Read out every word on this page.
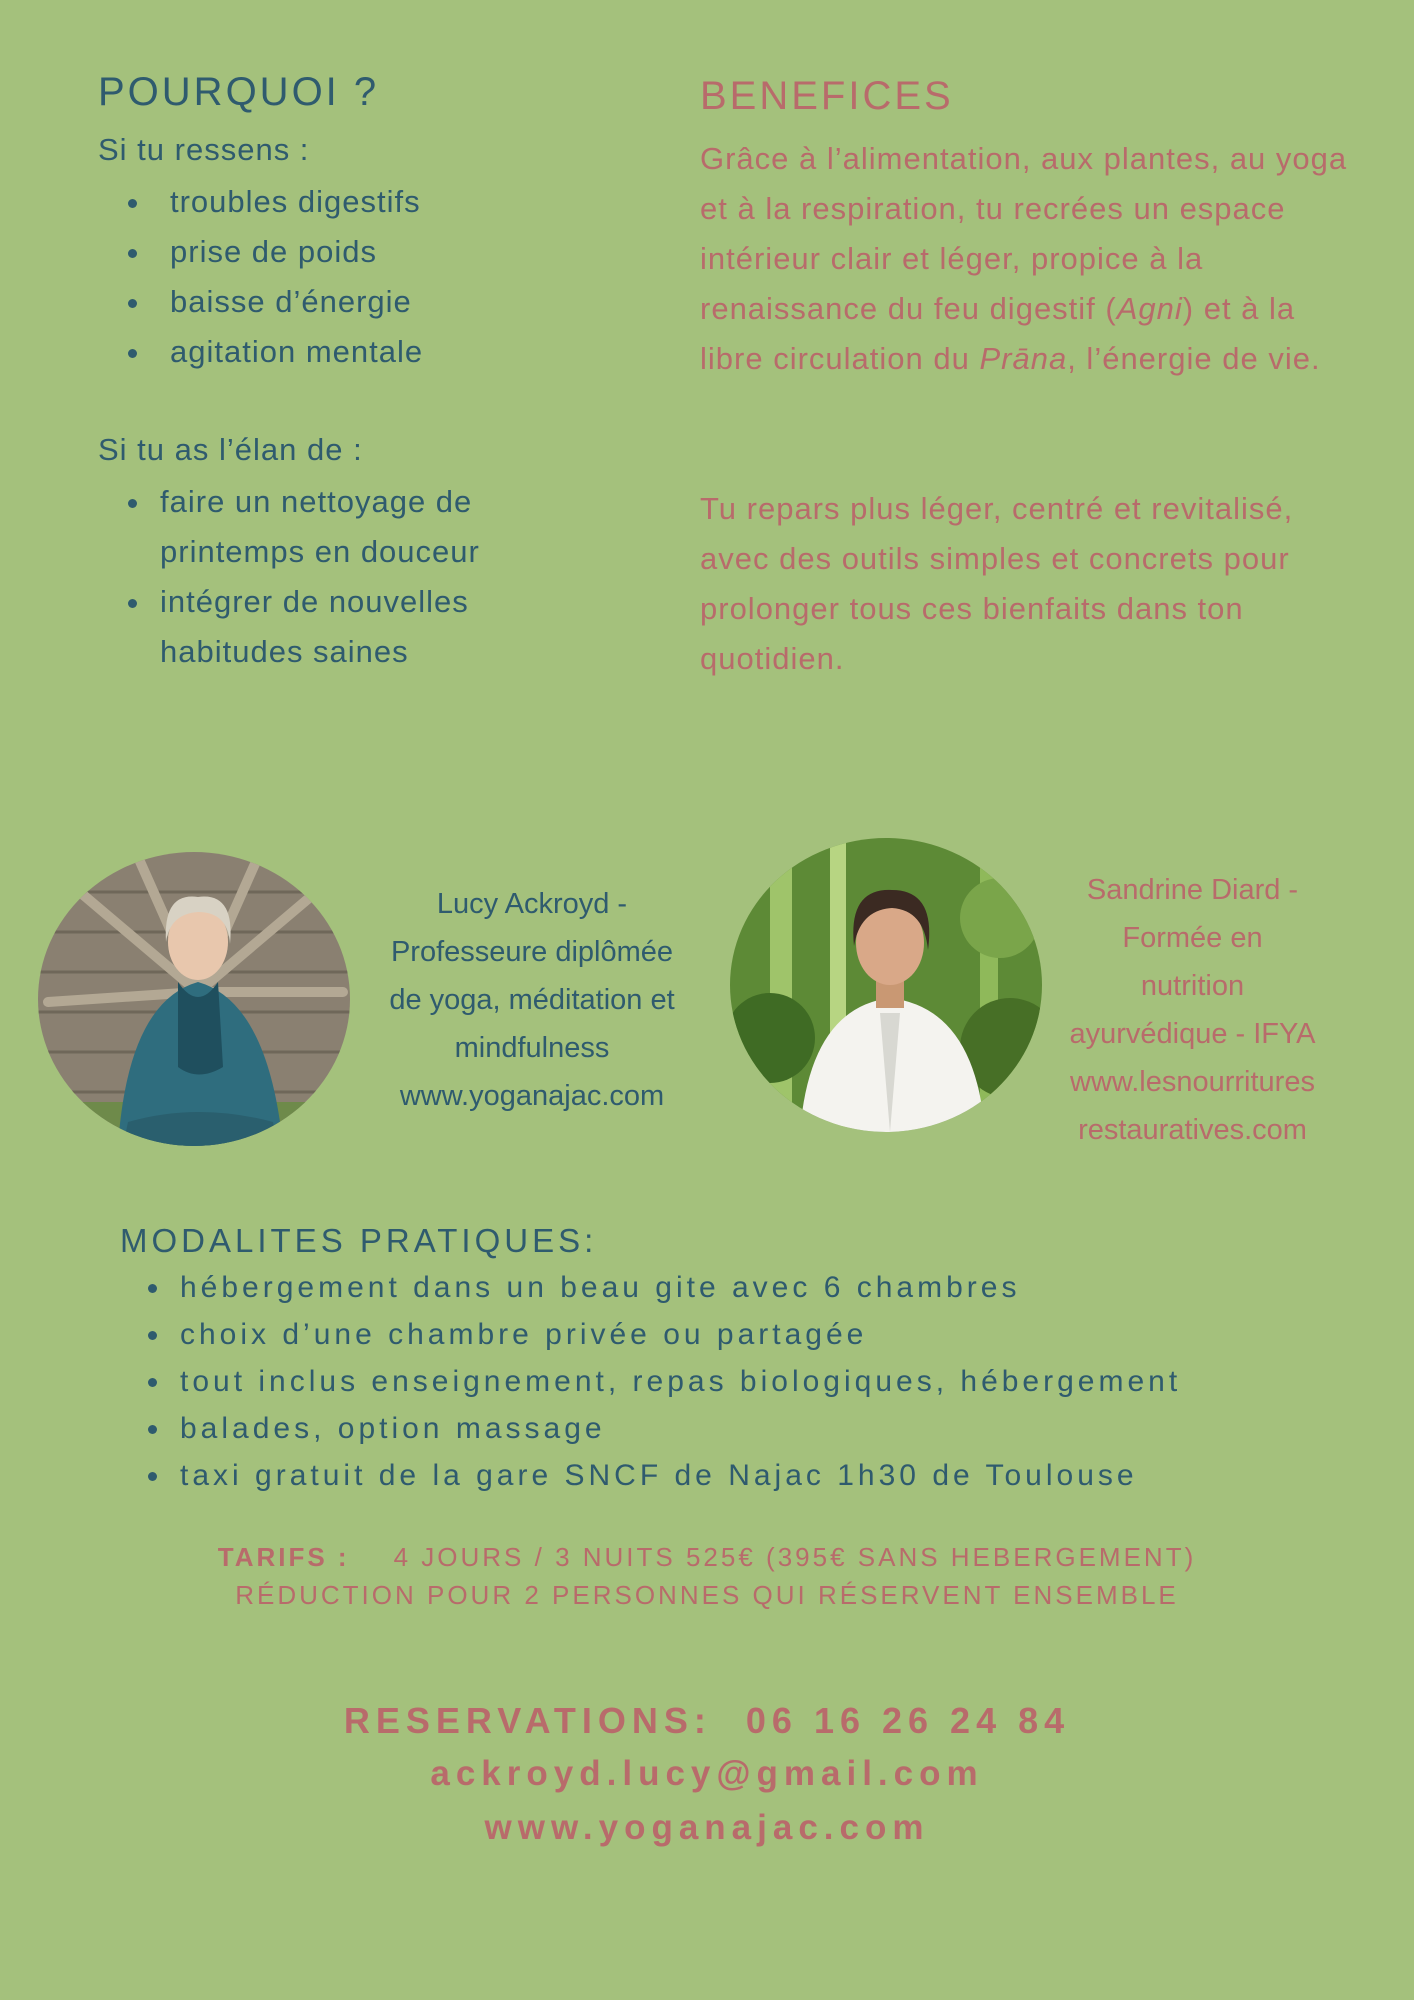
POURQUOI ?
Si tu ressens :
troubles digestifs
prise de poids
baisse d’énergie
agitation mentale
Si tu as l’élan de :
faire un nettoyage de
printemps en douceur
intégrer de nouvelles
habitudes saines
BENEFICES

Grâce à l’alimentation, aux plantes, au yoga et à la respiration, tu recrées un espace intérieur clair et léger, propice à la renaissance du feu digestif (Agni) et à la libre circulation du Prāna, l’énergie de vie.

Tu repars plus léger, centré et revitalisé, avec des outils simples et concrets pour prolonger tous ces bienfaits dans ton quotidien.

Lucy Ackroyd -
Professeure diplômée
de yoga, méditation et
mindfulness
www.yoganajac.com
Sandrine Diard -
Formée en
nutrition
ayurvédique - IFYA
www.lesnourritures
restauratives.com
MODALITES PRATIQUES:
hébergement dans un beau gite avec 6 chambres
choix d’une chambre privée ou partagée
tout inclus enseignement, repas biologiques, hébergement
balades, option massage
taxi gratuit de la gare SNCF de Najac 1h30 de Toulouse
TARIFS : 4 JOURS / 3 NUITS 525€ (395€ SANS HEBERGEMENT)
RÉDUCTION POUR 2 PERSONNES QUI RÉSERVENT ENSEMBLE
RESERVATIONS: 06 16 26 24 84
ackroyd.lucy@gmail.com
www.yoganajac.com
